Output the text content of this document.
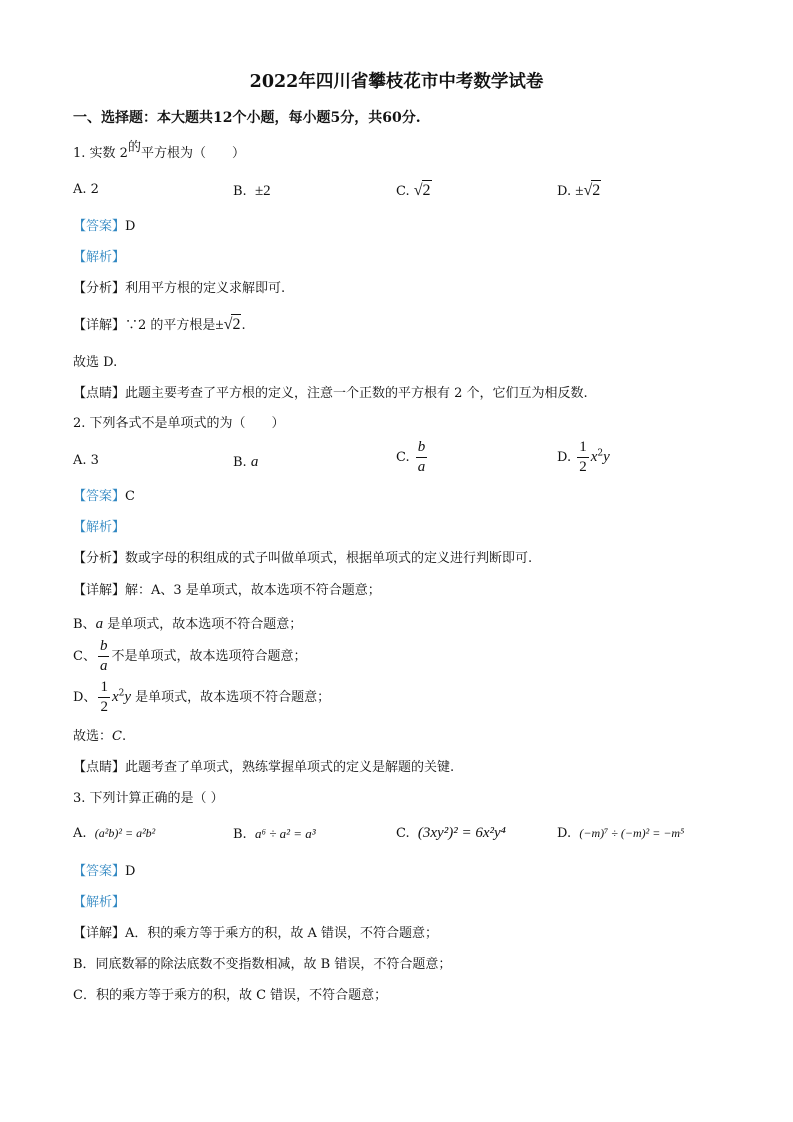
2022年四川省攀枝花市中考数学试卷
一、选择题：本大题共12个小题，每小题5分，共60分.
1. 实数 2的平方根为（　　）
A. 2	B. ±2	C. √ 2	D. ±√ 2
【答案】D
【解析】
【分析】利用平方根的定义求解即可.
【详解】∵2 的平方根是±√ 2 .
故选 D.
【点睛】此题主要考查了平方根的定义，注意一个正数的平方根有 2 个，它们互为相反数.
2. 下列各式不是单项式的为（　　）
A. 3	B. a	C. $\frac{b}{a}$	D. $\frac{1}{2} x^2y$
【答案】C
【解析】
【分析】数或字母的积组成的式子叫做单项式，根据单项式的定义进行判断即可.
【详解】解：A、3 是单项式，故本选项不符合题意；
B、a 是单项式，故本选项不符合题意；
C、 $\frac{b}{a}$ 不是单项式，故本选项符合题意；
D、 $\frac{1}{2} x^2y$ 是单项式，故本选项不符合题意；
故选：C.
【点睛】此题考查了单项式，熟练掌握单项式的定义是解题的关键.
3. 下列计算正确的是（ ）
A. (a²b)² = a²b²	B. a⁶ ÷ a² = a³	C. (3xy²)² = 6x²y⁴	D. (−m)⁷ ÷ (−m)² = −m⁵
【答案】D
【解析】
【详解】A．积的乘方等于乘方的积，故 A 错误，不符合题意；
B．同底数幂的除法底数不变指数相减，故 B 错误，不符合题意；
C．积的乘方等于乘方的积，故 C 错误，不符合题意；
